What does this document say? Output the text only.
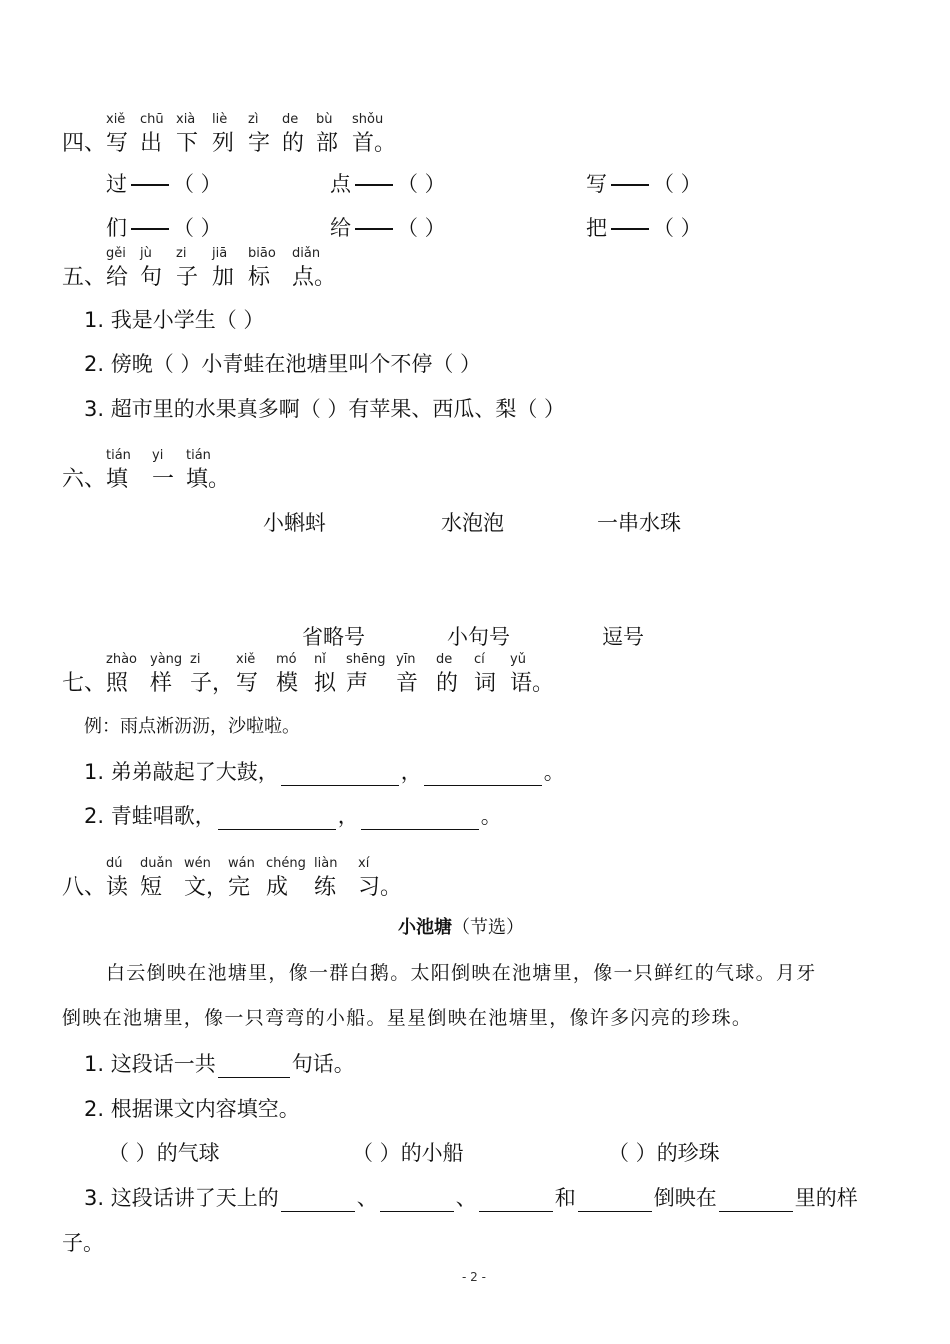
四、
xiě
写
chū
出
xià
下
liè
列
zì
字
de
的
bù
部
shǒu
首。
过 （ ）	点 （ ）	写 （ ）
们 （ ）	给 （ ）	把 （ ）
五、
gěi
给
jù
句
zi
子
jiā
加
biāo
标
diǎn
点。
1. 我是小学生（ ）
2. 傍晚（ ）小青蛙在池塘里叫个不停（ ）
3. 超市里的水果真多啊（ ）有苹果、西瓜、梨（ ）
六、
tián
填
yi
一
tián
填。
小蝌蚪	水泡泡	一串水珠
省略号	小句号	逗号
七、
zhào
照
yàng
样
zi
子，
xiě
写
mó
模
nǐ
拟
shēng
声
yīn
音
de
的
cí
词
yǔ
语。
例：雨点淅沥沥，沙啦啦。
1. 弟弟敲起了大鼓，	，	。
2. 青蛙唱歌，	，	。
八、
dú
读
duǎn
短
wén
文，
wán
完
chéng
成
liàn
练
xí
习。
小池塘（节选）
白云倒映在池塘里，像一群白鹅。太阳倒映在池塘里，像一只鲜红的气球。月牙
倒映在池塘里，像一只弯弯的小船。星星倒映在池塘里，像许多闪亮的珍珠。
1. 这段话一共	句话。
2. 根据课文内容填空。
（ ）的气球	（ ）的小船	（ ）的珍珠
3. 这段话讲了天上的	、	、	和	倒映在	里的样
子。
- 2 -
